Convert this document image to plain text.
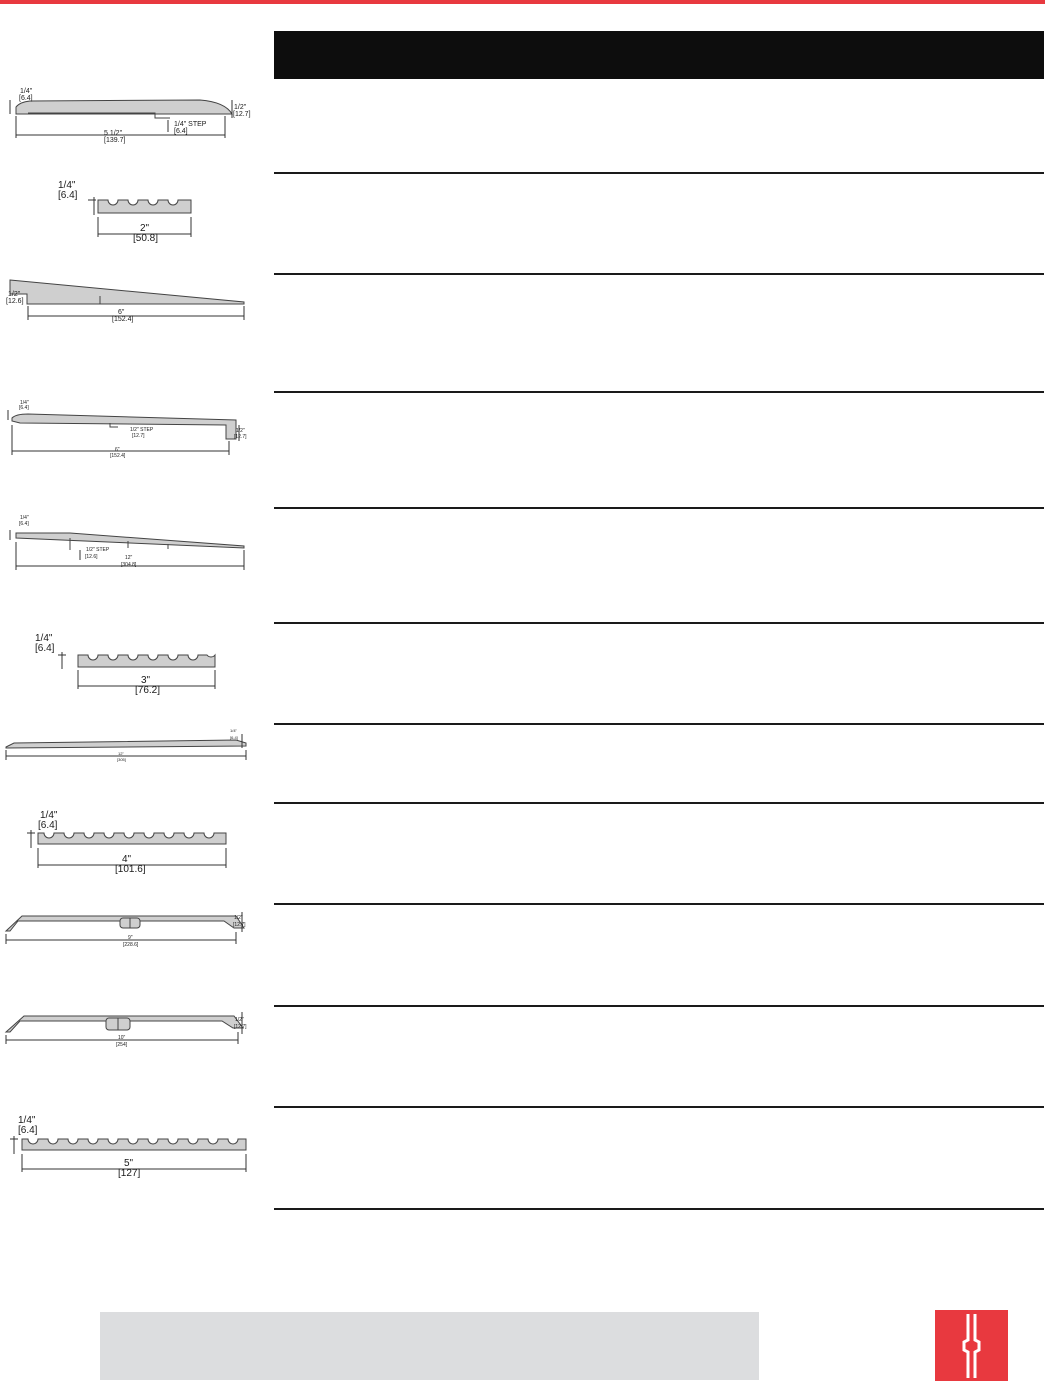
1/4"
[6.4]
1/2"
[12.7]
5 1/2"
[139.7]
1/4" STEP
[6.4]
1/4"
[6.4]
2"
[50.8]
1/2"
[12.6]
6"
[152.4]
1/4"
[6.4]
1/2" STEP
[12.7]
1/2"
[12.7]
6"
[152.4]
1/4"
[6.4]
1/2" STEP
[12.6]	12"
[304.8]
1/4"
[6.4]
3"
[76.2]
1/4"
[6.4]
12"
[305]
1/4"
[6.4]
4"
[101.6]
1/2"
[12.7]
9"
[228.6]
1/2"
[12.7]
10"
[254]
1/4"
[6.4]
5"
[127]
